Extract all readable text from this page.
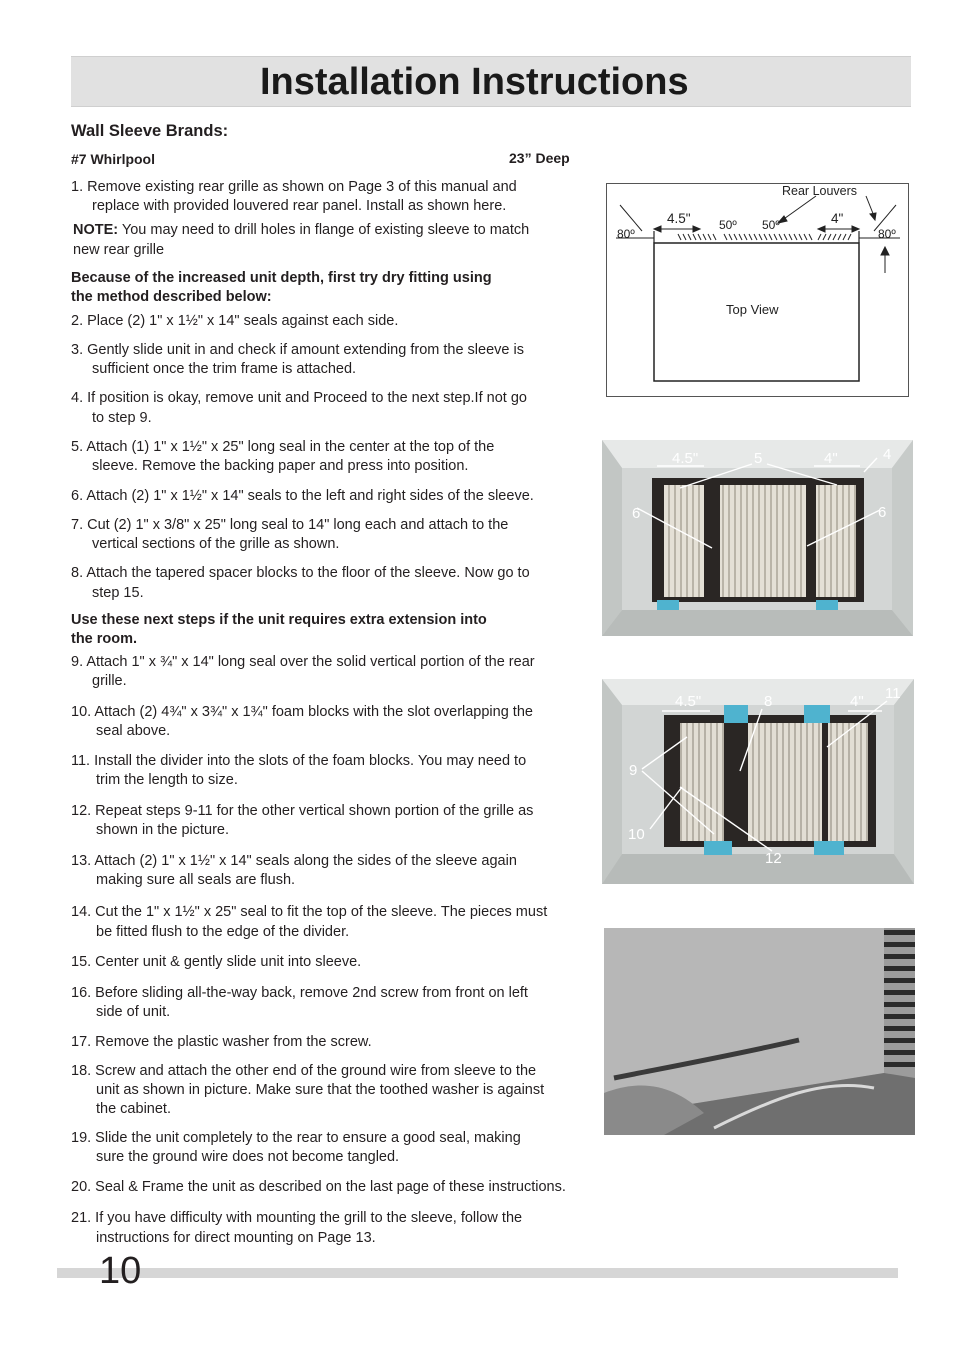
Installation Instructions
Wall Sleeve Brands:
#7 Whirlpool	23” Deep
1. Remove existing rear grille as shown on Page 3 of this manual and
replace with provided louvered rear panel. Install as shown here.
NOTE: You may need to drill holes in flange of existing sleeve to match
new rear grille
Because of the increased unit depth, first try dry fitting using
the method described below:
2. Place (2) 1" x 1½" x 14" seals against each side.
3. Gently slide unit in and check if amount extending from the sleeve is
sufficient once the trim frame is attached.
4. If position is okay, remove unit and Proceed to the next step.If not go
to step 9.
5. Attach (1) 1" x 1½" x 25" long seal in the center at the top of the
sleeve. Remove the backing paper and press into position.
6. Attach (2) 1" x 1½" x 14" seals to the left and right sides of the sleeve.
7. Cut (2) 1" x 3/8" x 25" long seal to 14" long each and attach to the
vertical sections of the grille as shown.
8. Attach the tapered spacer blocks to the floor of the sleeve. Now go to
step 15.
Use these next steps if the unit requires extra extension into
the room.
9. Attach 1" x ¾" x 14" long seal over the solid vertical portion of the rear
grille.
10. Attach (2) 4¾" x 3¾" x 1¾" foam blocks with the slot overlapping the
seal above.
11. Install the divider into the slots of the foam blocks. You may need to
trim the length to size.
12. Repeat steps 9-11 for the other vertical shown portion of the grille as
shown in the picture.
13. Attach (2) 1" x 1½" x 14" seals along the sides of the sleeve again
making sure all seals are flush.
14. Cut the 1" x 1½" x 25" seal to fit the top of the sleeve. The pieces must
be fitted flush to the edge of the divider.
15. Center unit & gently slide unit into sleeve.
16. Before sliding all-the-way back, remove 2nd screw from front on left
side of unit.
17. Remove the plastic washer from the screw.
18. Screw and attach the other end of the ground wire from sleeve to the
unit as shown in picture. Make sure that the toothed washer is against
the cabinet.
19. Slide the unit completely to the rear to ensure a good seal, making
sure the ground wire does not become tangled.
20. Seal & Frame the unit as described on the last page of these instructions.
21. If you have difficulty with mounting the grill to the sleeve, follow the
instructions for direct mounting on Page 13.
Rear Louvers
4.5"	4"
50º 50º
80º	80º
Top View
4.5"	4"
5	4
6	6
4.5"	4"
8	11
9
10
12
10
